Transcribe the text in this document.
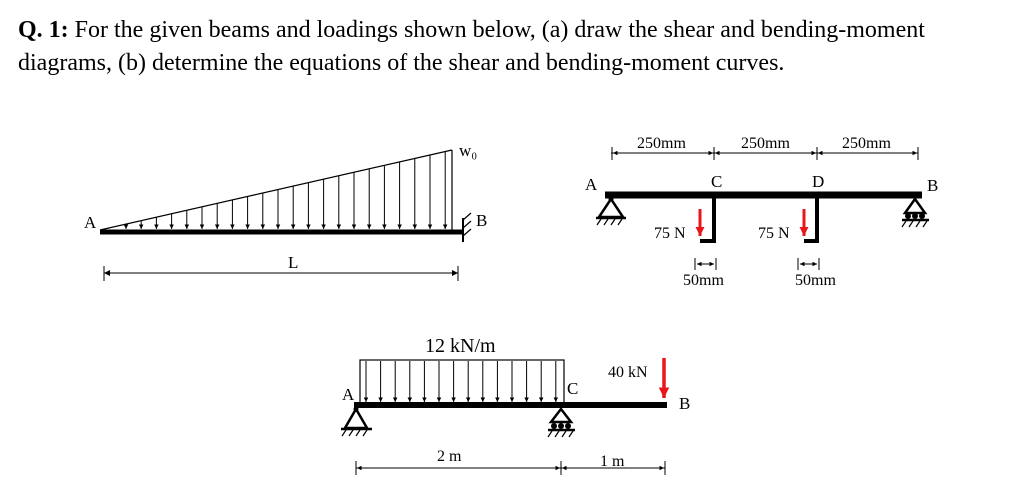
Q. 1: For the given beams and loadings shown below, (a) draw the shear and bending-moment diagrams, (b) determine the equations of the shear and bending-moment curves.
w₀
A	B
L
250mm	250mm	250mm
75 N	75 N
50mm	50mm
A	C	D	B
12 kN/m
40 kN
A	C
B
2 m	1 m
